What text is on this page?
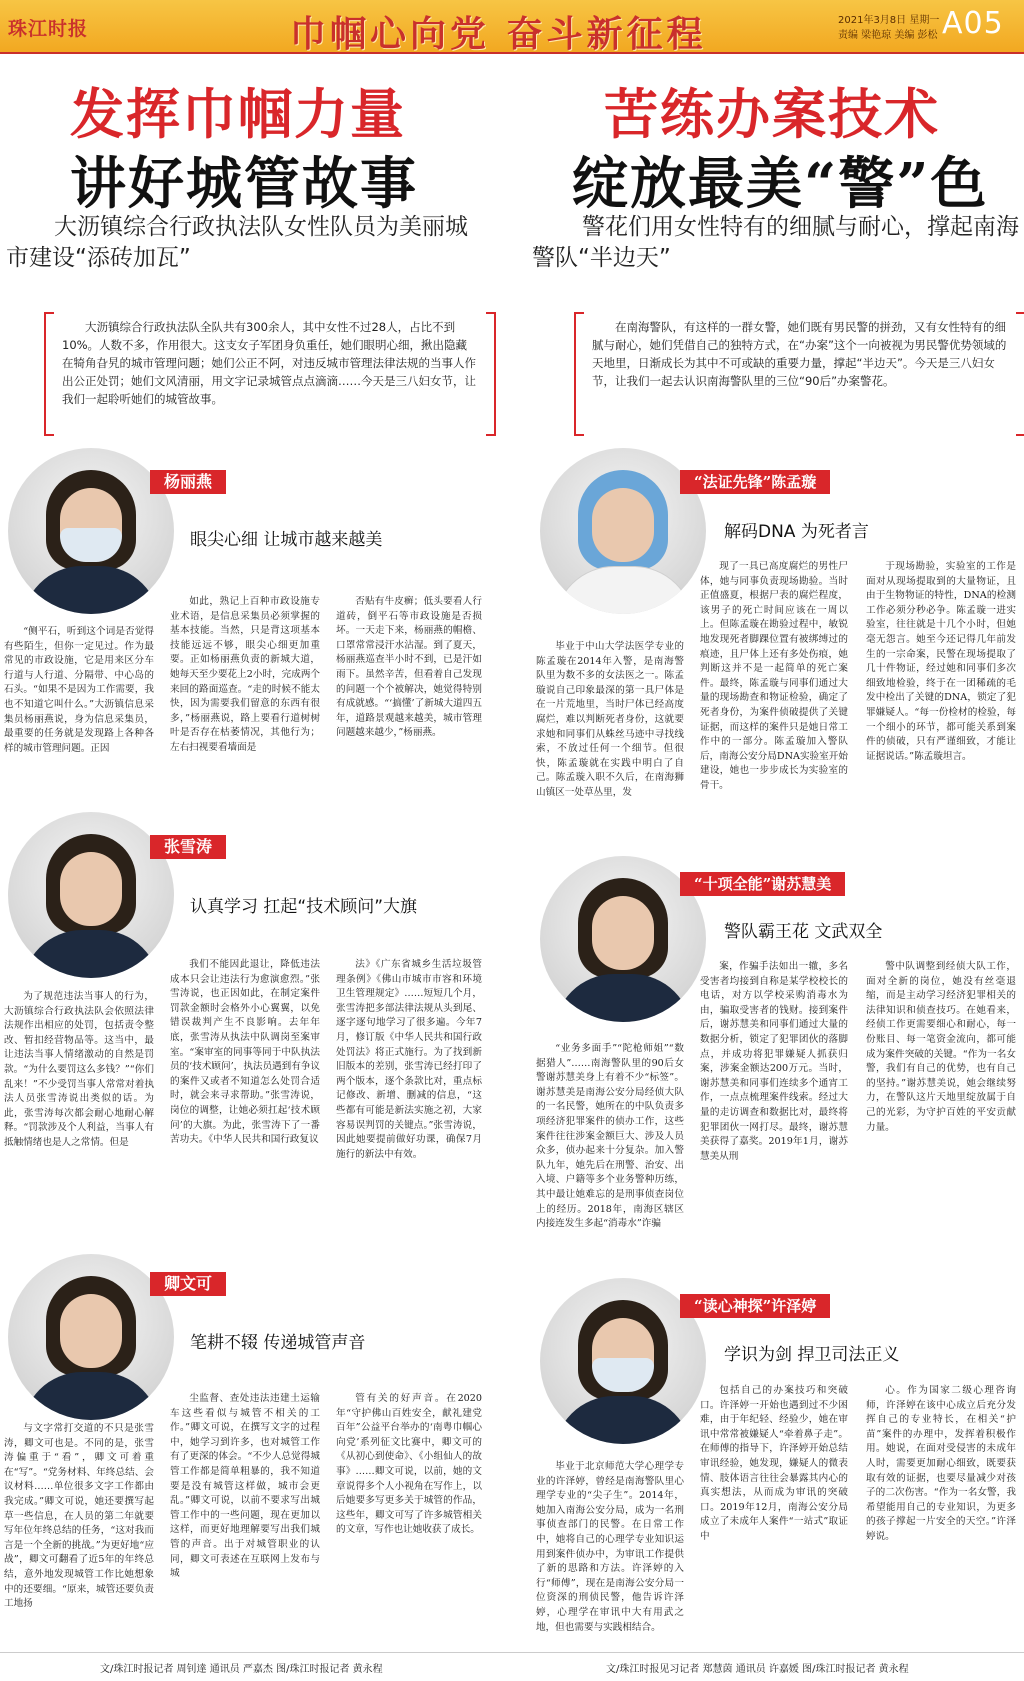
珠江时报	巾帼心向党 奋斗新征程	2021年3月8日 星期一
责编 梁艳琼 美编 彭松 A05
发挥巾帼力量
讲好城管故事
大沥镇综合行政执法队女性队员为美丽城市建设“添砖加瓦”
苦练办案技术
绽放最美“警”色
警花们用女性特有的细腻与耐心，撑起南海警队“半边天”
大沥镇综合行政执法队全队共有300余人，其中女性不过28人，占比不到10%。人数不多，作用很大。这支女子军团身负重任，她们眼明心细，揪出隐藏在犄角旮旯的城市管理问题；她们公正不阿，对违反城市管理法律法规的当事人作出公正处罚；她们文风清丽，用文字记录城管点点滴滴……今天是三八妇女节，让我们一起聆听她们的城管故事。
在南海警队，有这样的一群女警，她们既有男民警的拼劲，又有女性特有的细腻与耐心，她们凭借自己的独特方式，在“办案”这个一向被视为男民警优势领域的天地里，日渐成长为其中不可或缺的重要力量，撑起“半边天”。今天是三八妇女节，让我们一起去认识南海警队里的三位“90后”办案警花。
杨丽燕
眼尖心细 让城市越来越美

“侧平石，听到这个词是否觉得有些陌生，但你一定见过。作为最常见的市政设施，它是用来区分车行道与人行道、分隔带、中心岛的石头。“如果不是因为工作需要，我也不知道它叫什么。”大沥镇信息采集员杨丽燕说，身为信息采集员，最重要的任务就是发现路上各种各样的城市管理问题。正因

如此，熟记上百种市政设施专业术语，是信息采集员必须掌握的基本技能。当然，只是背这项基本技能远远不够，眼尖心细更加重要。正如杨丽燕负责的新城大道，她每天至少要花上2小时，完成两个来回的路面巡查。“走的时候不能太快，因为需要我们留意的东西有很多，”杨丽燕说，路上要看行道树树叶是否存在枯萎情况，其他行为；左右扫视要看墙面是

否贴有牛皮癣；低头要看人行道砖，倒平石等市政设施是否损坏。一天走下来，杨丽燕的帽檐、口罩常常浸汗水沾湿。到了夏天，杨丽燕巡查半小时不到，已是汗如雨下。虽然辛苦，但看着自己发现的问题一个个被解决，她觉得特别有成就感。“‘搞懂’了新城大道四五年，道路景观越来越美，城市管理问题越来越少，”杨丽燕。

张雪涛
认真学习 扛起“技术顾问”大旗

为了规范违法当事人的行为，大沥镇综合行政执法队会依照法律法规作出相应的处罚，包括责令整改、暂扣经营物品等。这当中，最让违法当事人情绪激动的自然是罚款。“为什么要罚这么多钱？”“你们乱来！”不少受罚当事人常常对着执法人员张雪涛说出类似的话。为此，张雪涛每次都会耐心地耐心解释。“罚款涉及个人利益，当事人有抵触情绪也是人之常情。但是

我们不能因此退让，降低违法成本只会让违法行为愈演愈烈。”张雪涛说，也正因如此，在制定案件罚款金额时会格外小心翼翼，以免错误裁判产生不良影响。去年年底，张雪涛从执法中队调岗至案审室。“案审室的同事等同于中队执法员的‘技术顾问’，执法员遇到有争议的案件又或者不知道怎么处罚合适时，就会来寻求帮助。”张雪涛说，岗位的调整，让她必须扛起‘技术顾问’的大旗。为此，张雪涛下了一番苦功夫。《中华人民共和国行政复议

法》《广东省城乡生活垃圾管理条例》《佛山市城市市容和环境卫生管理规定》……短短几个月，张雪涛把多部法律法规从头到尾、逐字逐句地学习了很多遍。今年7月，修订版《中华人民共和国行政处罚法》将正式施行。为了找到新旧版本的差别，张雪涛已经打印了两个版本，逐个条款比对，重点标记修改、新增、删减的信息，“这些都有可能是新法实施之初，大家容易误判罚的关键点。”张雪涛说，因此她要提前做好功课，确保7月施行的新法中有效。

卿文可
笔耕不辍 传递城管声音

与文字常打交道的不只是张雪涛，卿文可也是。不同的是，张雪涛偏重于“看”，卿文可着重在“写”。“党务材料、年终总结、会议材料……单位很多文字工作都由我完成。”卿文可说，她还要撰写起草一些信息，在人员的第二年就要写年位年终总结的任务，“这对我而言是一个全新的挑战。”为更好地“应战”，卿文可翻看了近5年的年终总结，意外地发现城管工作比她想象中的还要细。“原来，城管还要负责工地扬

尘监督、查处违法违建土运输车这些看似与城管不相关的工作。”卿文可说，在撰写文字的过程中，她学习到许多，也对城管工作有了更深的体会。“不少人总觉得城管工作都是简单粗暴的，我不知道要是没有城管这样做，城市会更乱。”卿文可说，以前不要求写出城管工作中的一些问题，现在更加以这样，而更好地理解要写出我们城管的声音。出于对城管职业的认同，卿文可表述在互联网上发布与城

管有关的好声音。在2020年“守护佛山百姓安全，献礼建党百年”公益平台举办的‘南粤巾帼心向党’系列征文比赛中，卿文可的《从初心到使命》、《小组仙人的故事》……卿文可说，以前，她的文章说得多个人小视角在写作上，以后她要多写更多关于城管的作品，这些年，卿文可写了许多城管相关的文章，写作也让她收获了成长。

“法证先锋”陈孟璇
解码DNA 为死者言

毕业于中山大学法医学专业的陈孟璇在2014年入警，是南海警队里为数不多的女法医之一。陈孟璇说自己印象最深的第一具尸体是在一片荒地里，当时尸体已经高度腐烂，难以判断死者身份，这就要求她和同事们从蛛丝马迹中寻找线索，不放过任何一个细节。但很快，陈孟璇就在实践中明白了自己。陈孟璇入职不久后，在南海狮山镇区一处草丛里，发

现了一具已高度腐烂的男性尸体，她与同事负责现场勘验。当时正值盛夏，根据尸表的腐烂程度，该男子的死亡时间应该在一周以上。但陈孟璇在勘验过程中，敏锐地发现死者脚踝位置有被绑缚过的痕迹，且尸体上还有多处伤痕，她判断这并不是一起简单的死亡案件。最终，陈孟璇与同事们通过大量的现场勘查和物证检验，确定了死者身份，为案件侦破提供了关键证据，而这样的案件只是她日常工作中的一部分。陈孟璇加入警队后，南海公安分局DNA实验室开始建设，她也一步步成长为实验室的骨干。

于现场勘验，实验室的工作是面对从现场提取到的大量物证，且由于生物物证的特性，DNA的检测工作必须分秒必争。陈孟璇一进实验室，往往就是十几个小时，但她毫无怨言。她至今还记得几年前发生的一宗命案，民警在现场提取了几十件物证，经过她和同事们多次细致地检验，终于在一团稀疏的毛发中检出了关键的DNA，锁定了犯罪嫌疑人。“每一份检材的检验，每一个细小的环节，都可能关系到案件的侦破，只有严谨细致，才能让证据说话。”陈孟璇坦言。

“十项全能”谢苏慧美
警队霸王花 文武双全

“业务多面手”“陀枪师姐”“数据猎人”……南海警队里的90后女警谢苏慧美身上有着不少“标签”。谢苏慧美是南海公安分局经侦大队的一名民警，她所在的中队负责多项经济犯罪案件的侦办工作，这些案件往往涉案金额巨大、涉及人员众多，侦办起来十分复杂。加入警队九年，她先后在刑警、治安、出入境、户籍等多个业务警种历练，其中最让她难忘的是刑事侦查岗位上的经历。2018年，南海区辖区内接连发生多起“消毒水”诈骗

案，作骗手法如出一辙，多名受害者均接到自称是某学校校长的电话，对方以学校采购消毒水为由，骗取受害者的钱财。接到案件后，谢苏慧美和同事们通过大量的数据分析，锁定了犯罪团伙的落脚点，并成功将犯罪嫌疑人抓获归案，涉案金额达200万元。当时，谢苏慧美和同事们连续多个通宵工作，一点点梳理案件线索。经过大量的走访调查和数据比对，最终将犯罪团伙一网打尽。最终，谢苏慧美获得了嘉奖。2019年1月，谢苏慧美从刑

警中队调整到经侦大队工作，面对全新的岗位，她没有丝毫退缩，而是主动学习经济犯罪相关的法律知识和侦查技巧。在她看来，经侦工作更需要细心和耐心，每一份账目、每一笔资金流向，都可能成为案件突破的关键。“作为一名女警，我们有自己的优势，也有自己的坚持。”谢苏慧美说，她会继续努力，在警队这片天地里绽放属于自己的光彩，为守护百姓的平安贡献力量。

“读心神探”许泽婷
学识为剑 捍卫司法正义

毕业于北京师范大学心理学专业的许泽婷，曾经是南海警队里心理学专业的“尖子生”。2014年，她加入南海公安分局，成为一名刑事侦查部门的民警。在日常工作中，她将自己的心理学专业知识运用到案件侦办中，为审讯工作提供了新的思路和方法。许泽婷的入行“师傅”，现在是南海公安分局一位资深的刑侦民警，他告诉许泽婷，心理学在审讯中大有用武之地，但也需要与实践相结合。

包括自己的办案技巧和突破口。许泽婷一开始也遇到过不少困难，由于年纪轻、经验少，她在审讯中常常被嫌疑人“牵着鼻子走”。在师傅的指导下，许泽婷开始总结审讯经验，她发现，嫌疑人的微表情、肢体语言往往会暴露其内心的真实想法，从而成为审讯的突破口。2019年12月，南海公安分局成立了未成年人案件“一站式”取证中

心。作为国家二级心理咨询师，许泽婷在该中心成立后充分发挥自己的专业特长，在相关“护苗”案件的办理中，发挥着积极作用。她说，在面对受侵害的未成年人时，需要更加耐心细致，既要获取有效的证据，也要尽量减少对孩子的二次伤害。“作为一名女警，我希望能用自己的专业知识，为更多的孩子撑起一片安全的天空。”许泽婷说。

文/珠江时报记者 周钊達 通讯员 严嘉杰 图/珠江时报记者 黄永程	文/珠江时报见习记者 郑慧茵 通讯员 许嘉媛 图/珠江时报记者 黄永程
